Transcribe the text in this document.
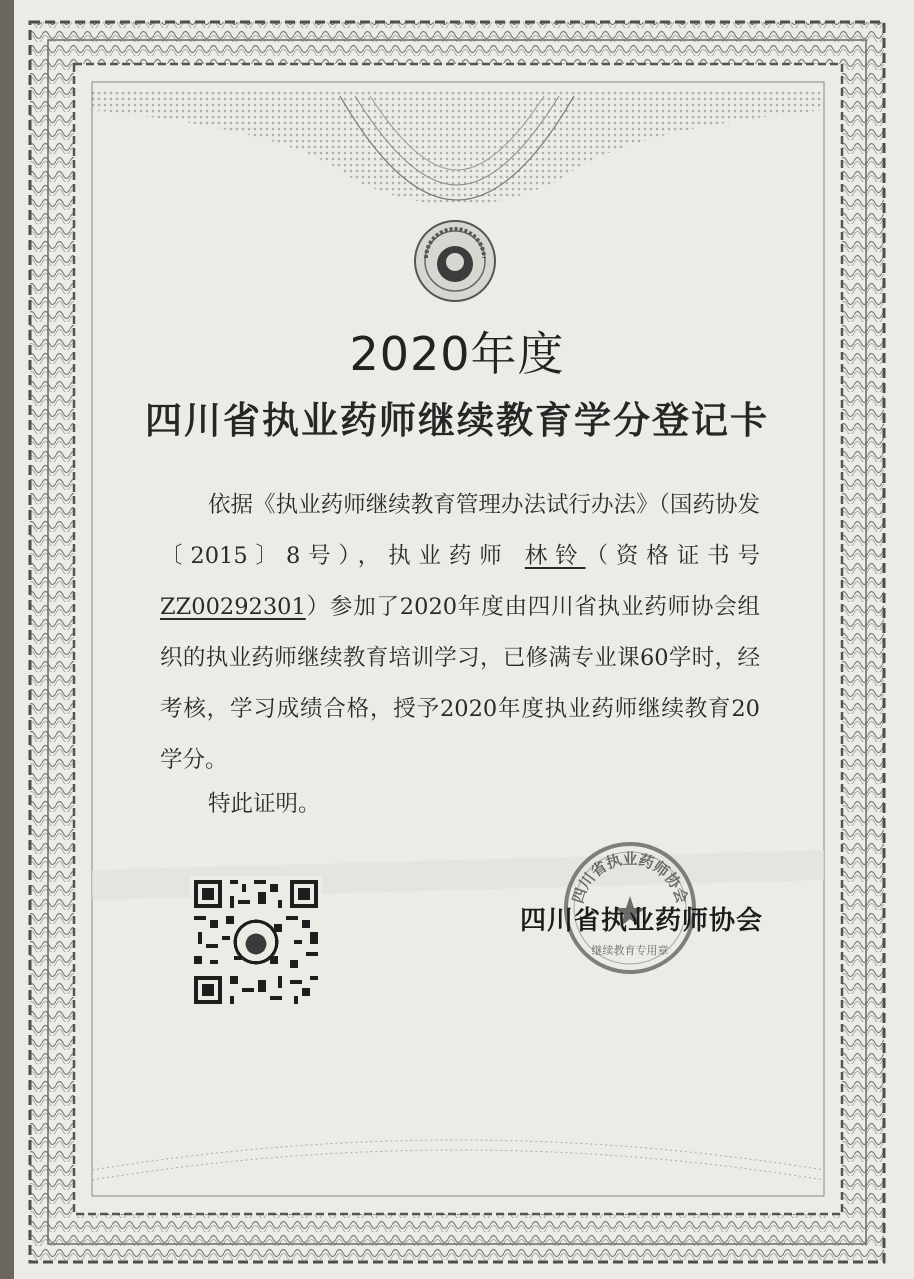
2020年度
四川省执业药师继续教育学分登记卡
依据《执业药师继续教育管理办法试行办法》（国药协发〔2015〕8号），执业药师 林铃（资格证书号ZZ00292301）参加了2020年度由四川省执业药师协会组织的执业药师继续教育培训学习，已修满专业课60学时，经考核，学习成绩合格，授予2020年度执业药师继续教育20学分。
特此证明。
四川省执业药师协会
继续教育专用章
四川省执业药师协会
